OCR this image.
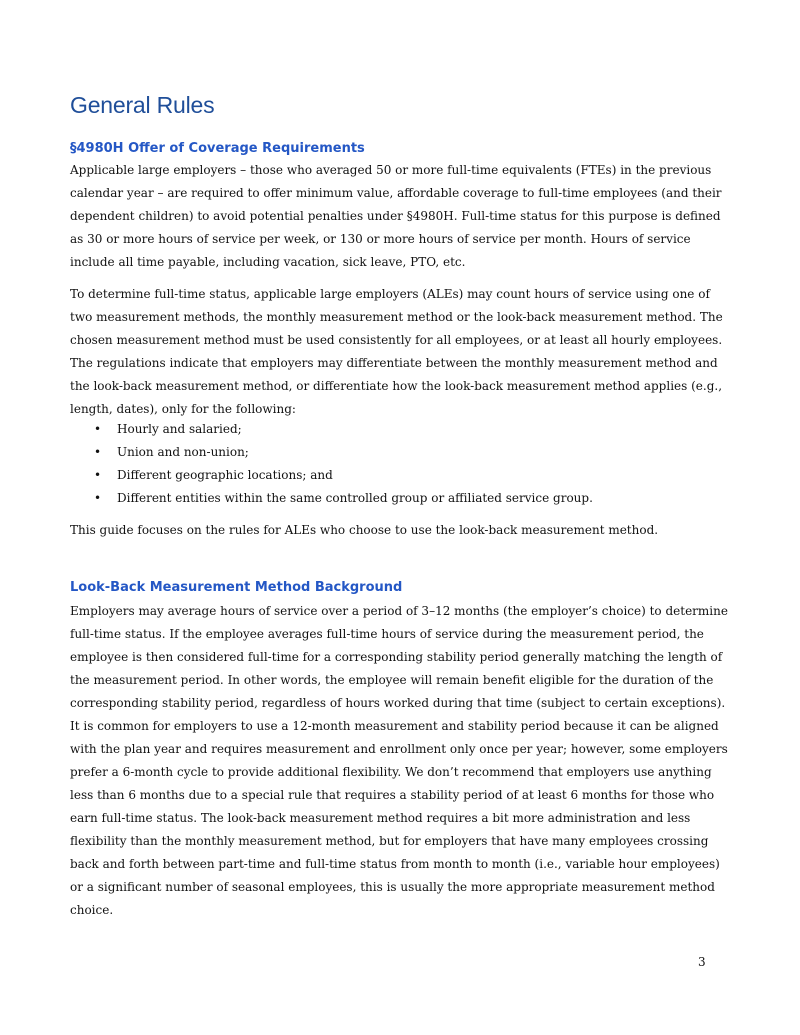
General Rules
§4980H Offer of Coverage Requirements

Applicable large employers – those who averaged 50 or more full-time equivalents (FTEs) in the previous calendar year – are required to offer minimum value, affordable coverage to full-time employees (and their dependent children) to avoid potential penalties under §4980H. Full-time status for this purpose is defined as 30 or more hours of service per week, or 130 or more hours of service per month. Hours of service include all time payable, including vacation, sick leave, PTO, etc.

To determine full-time status, applicable large employers (ALEs) may count hours of service using one of two measurement methods, the monthly measurement method or the look-back measurement method. The chosen measurement method must be used consistently for all employees, or at least all hourly employees. The regulations indicate that employers may differentiate between the monthly measurement method and the look-back measurement method, or differentiate how the look-back measurement method applies (e.g., length, dates), only for the following:

• Hourly and salaried;
• Union and non-union;
• Different geographic locations; and
• Different entities within the same controlled group or affiliated service group.

This guide focuses on the rules for ALEs who choose to use the look-back measurement method.

Look-Back Measurement Method Background

Employers may average hours of service over a period of 3–12 months (the employer’s choice) to determine full-time status. If the employee averages full-time hours of service during the measurement period, the employee is then considered full-time for a corresponding stability period generally matching the length of the measurement period. In other words, the employee will remain benefit eligible for the duration of the corresponding stability period, regardless of hours worked during that time (subject to certain exceptions). It is common for employers to use a 12-month measurement and stability period because it can be aligned with the plan year and requires measurement and enrollment only once per year; however, some employers prefer a 6-month cycle to provide additional flexibility. We don’t recommend that employers use anything less than 6 months due to a special rule that requires a stability period of at least 6 months for those who earn full-time status. The look-back measurement method requires a bit more administration and less flexibility than the monthly measurement method, but for employers that have many employees crossing back and forth between part-time and full-time status from month to month (i.e., variable hour employees) or a significant number of seasonal employees, this is usually the more appropriate measurement method choice.

3
